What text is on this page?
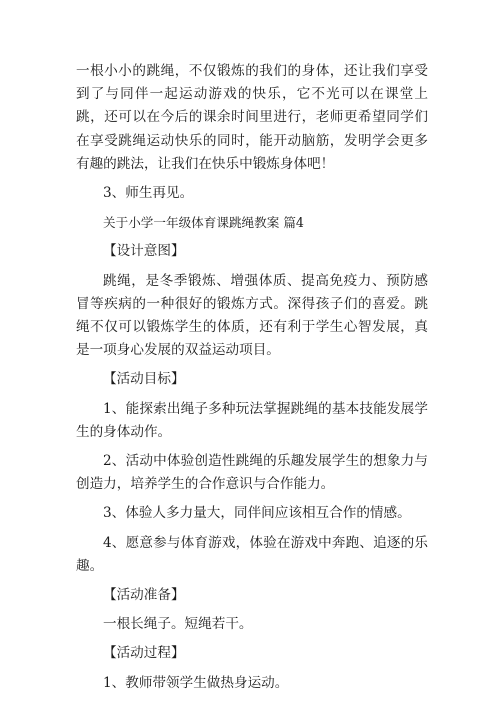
一根小小的跳绳，不仅锻炼的我们的身体，还让我们享受到了与同伴一起运动游戏的快乐，它不光可以在课堂上跳，还可以在今后的课余时间里进行，老师更希望同学们在享受跳绳运动快乐的同时，能开动脑筋，发明学会更多有趣的跳法，让我们在快乐中锻炼身体吧！

3、师生再见。

关于小学一年级体育课跳绳教案 篇4

【设计意图】

跳绳，是冬季锻炼、增强体质、提高免疫力、预防感冒等疾病的一种很好的锻炼方式。深得孩子们的喜爱。跳绳不仅可以锻炼学生的体质，还有利于学生心智发展，真是一项身心发展的双益运动项目。

【活动目标】

1、能探索出绳子多种玩法掌握跳绳的基本技能发展学生的身体动作。

2、活动中体验创造性跳绳的乐趣发展学生的想象力与创造力，培养学生的合作意识与合作能力。

3、体验人多力量大，同伴间应该相互合作的情感。

4、愿意参与体育游戏，体验在游戏中奔跑、追逐的乐趣。

【活动准备】

一根长绳子。短绳若干。

【活动过程】

1、教师带领学生做热身运动。
